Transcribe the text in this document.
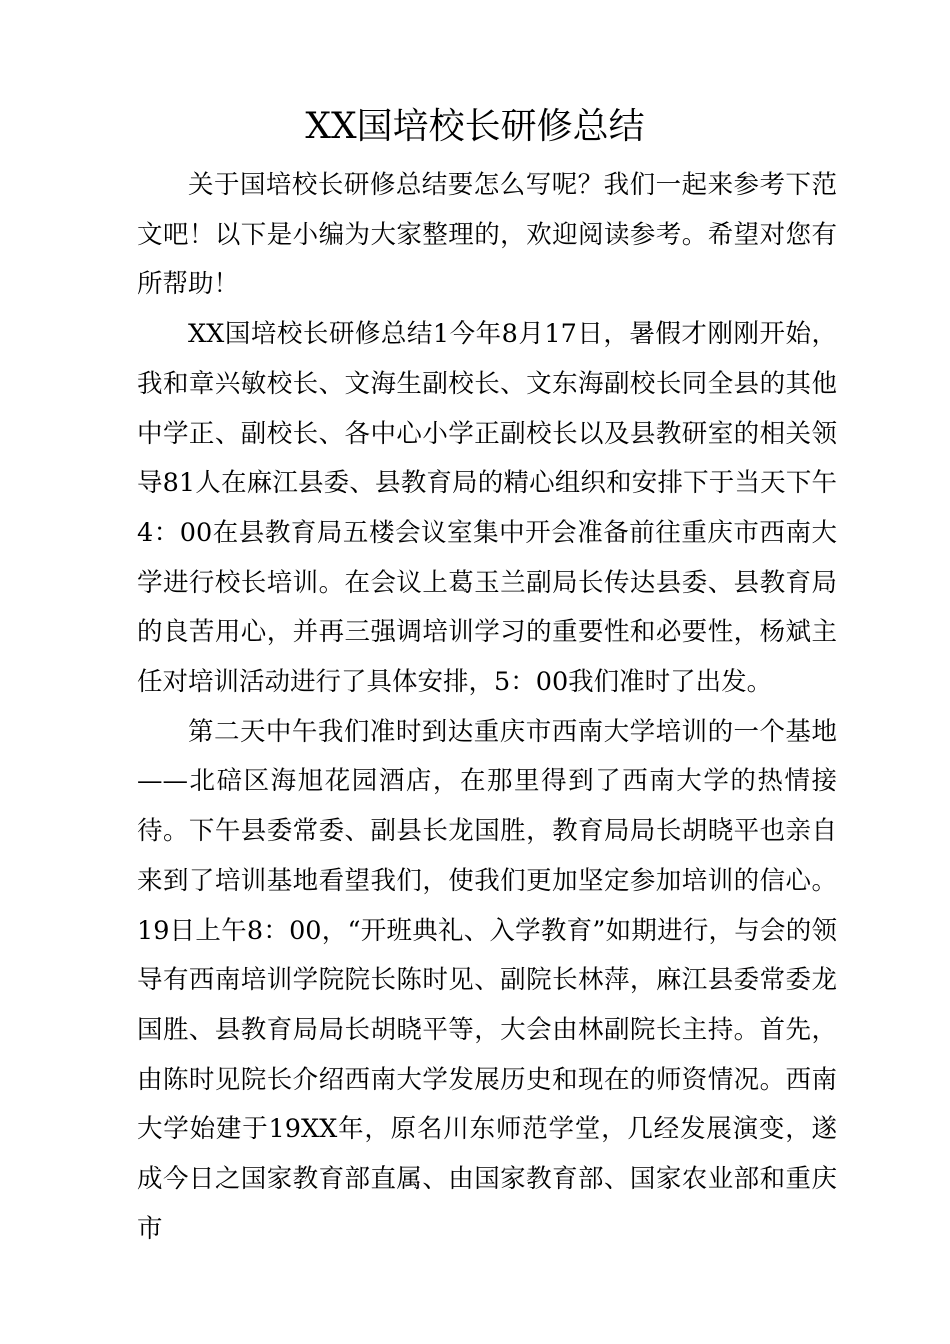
XX国培校长研修总结

关于国培校长研修总结要怎么写呢？我们一起来参考下范文吧！以下是小编为大家整理的，欢迎阅读参考。希望对您有所帮助！

XX国培校长研修总结1今年8月17日，暑假才刚刚开始，我和章兴敏校长、文海生副校长、文东海副校长同全县的其他中学正、副校长、各中心小学正副校长以及县教研室的相关领导81人在麻江县委、县教育局的精心组织和安排下于当天下午4：00在县教育局五楼会议室集中开会准备前往重庆市西南大学进行校长培训。在会议上葛玉兰副局长传达县委、县教育局的良苦用心，并再三强调培训学习的重要性和必要性，杨斌主任对培训活动进行了具体安排，5：00我们准时了出发。

第二天中午我们准时到达重庆市西南大学培训的一个基地——北碚区海旭花园酒店，在那里得到了西南大学的热情接待。下午县委常委、副县长龙国胜，教育局局长胡晓平也亲自来到了培训基地看望我们，使我们更加坚定参加培训的信心。19日上午8：00，“开班典礼、入学教育”如期进行，与会的领导有西南培训学院院长陈时见、副院长林萍，麻江县委常委龙国胜、县教育局局长胡晓平等，大会由林副院长主持。首先，由陈时见院长介绍西南大学发展历史和现在的师资情况。西南大学始建于19XX年，原名川东师范学堂，几经发展演变，遂成今日之国家教育部直属、由国家教育部、国家农业部和重庆市
